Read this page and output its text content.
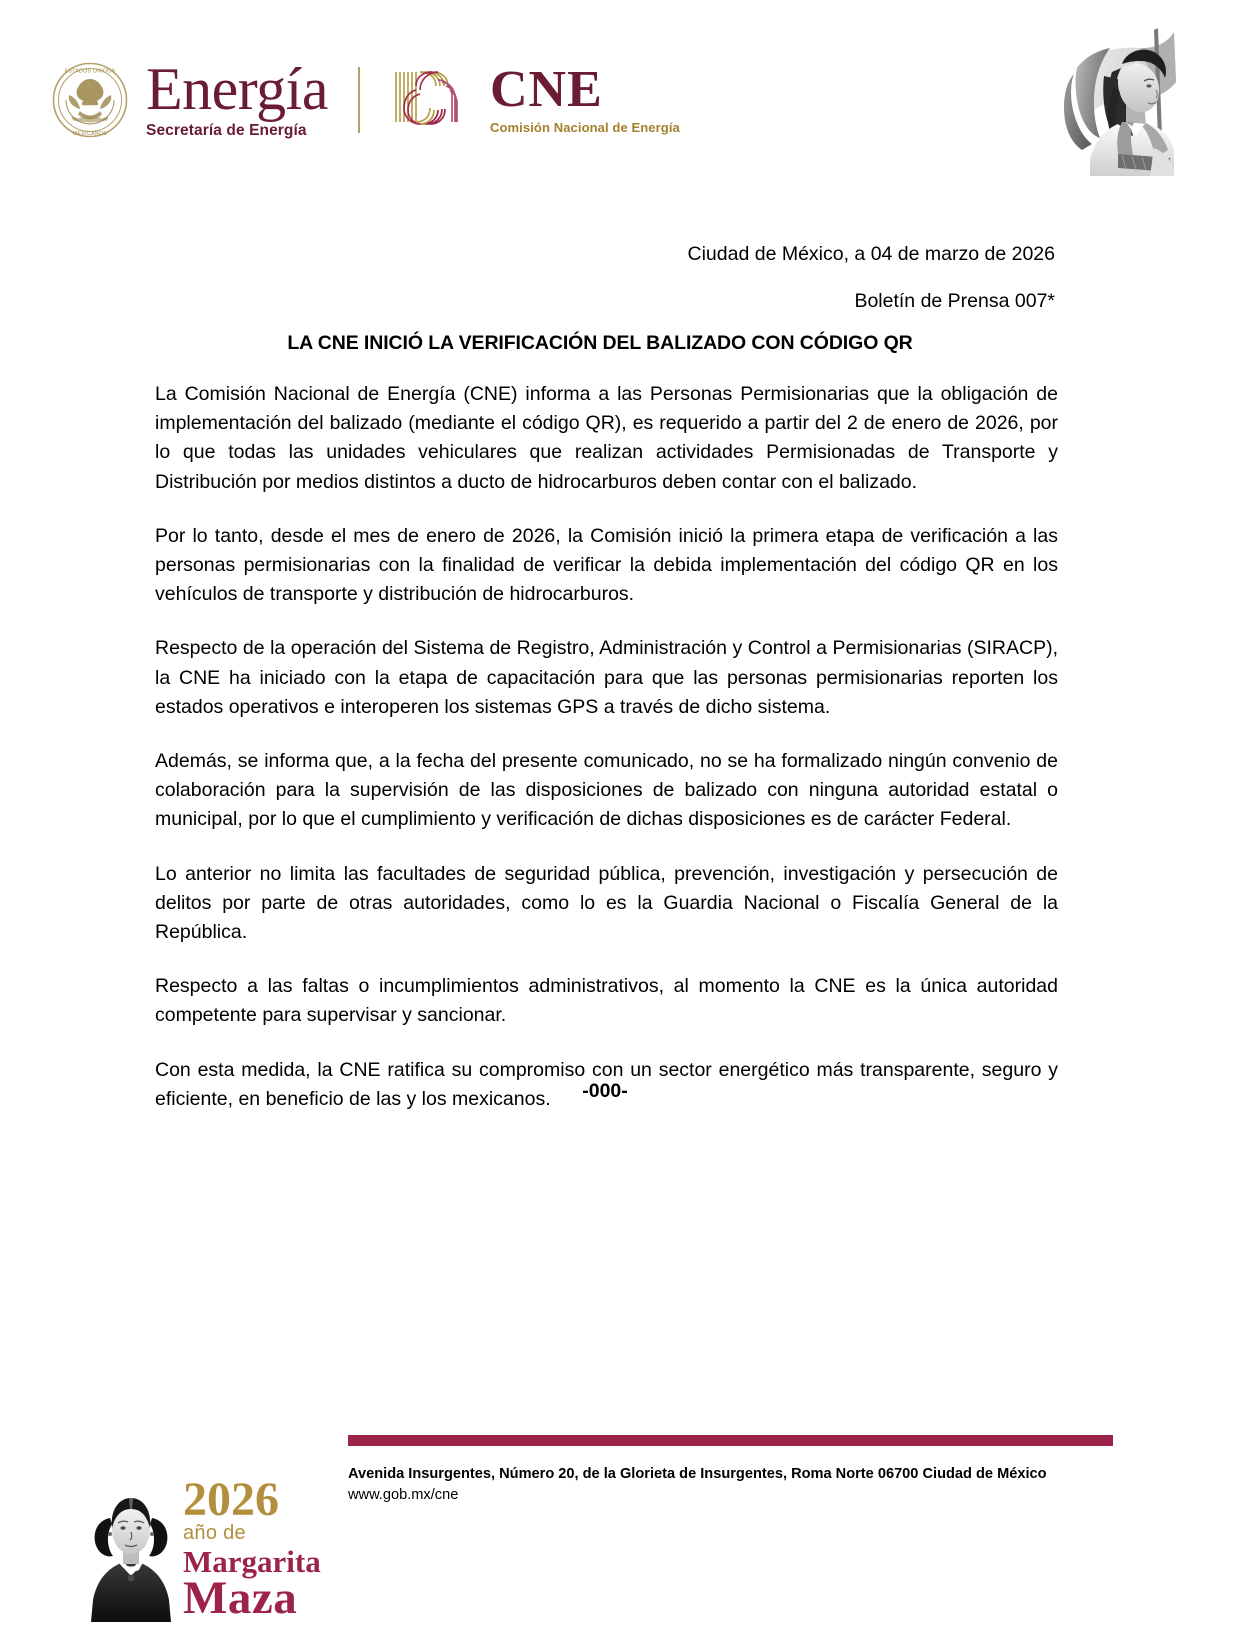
ESTADOS UNIDOS
MEXICANOS
Energía
Secretaría de Energía
CNE
Comisión Nacional de Energía
Ciudad de México, a 04 de marzo de 2026
Boletín de Prensa 007*
LA CNE INICIÓ LA VERIFICACIÓN DEL BALIZADO CON CÓDIGO QR

La Comisión Nacional de Energía (CNE) informa a las Personas Permisionarias que la obligación de implementación del balizado (mediante el código QR), es requerido a partir del 2 de enero de 2026, por lo que todas las unidades vehiculares que realizan actividades Permisionadas de Transporte y Distribución por medios distintos a ducto de hidrocarburos deben contar con el balizado.

Por lo tanto, desde el mes de enero de 2026, la Comisión inició la primera etapa de verificación a las personas permisionarias con la finalidad de verificar la debida implementación del código QR en los vehículos de transporte y distribución de hidrocarburos.

Respecto de la operación del Sistema de Registro, Administración y Control a Permisionarias (SIRACP), la CNE ha iniciado con la etapa de capacitación para que las personas permisionarias reporten los estados operativos e interoperen los sistemas GPS a través de dicho sistema.

Además, se informa que, a la fecha del presente comunicado, no se ha formalizado ningún convenio de colaboración para la supervisión de las disposiciones de balizado con ninguna autoridad estatal o municipal, por lo que el cumplimiento y verificación de dichas disposiciones es de carácter Federal.

Lo anterior no limita las facultades de seguridad pública, prevención, investigación y persecución de delitos por parte de otras autoridades, como lo es la Guardia Nacional o Fiscalía General de la República.

Respecto a las faltas o incumplimientos administrativos, al momento la CNE es la única autoridad competente para supervisar y sancionar.

Con esta medida, la CNE ratifica su compromiso con un sector energético más transparente, seguro y eficiente, en beneficio de las y los mexicanos.	-000-
2026
año de
Margarita
Maza
Avenida Insurgentes, Número 20, de la Glorieta de Insurgentes, Roma Norte 06700 Ciudad de México www.gob.mx/cne
